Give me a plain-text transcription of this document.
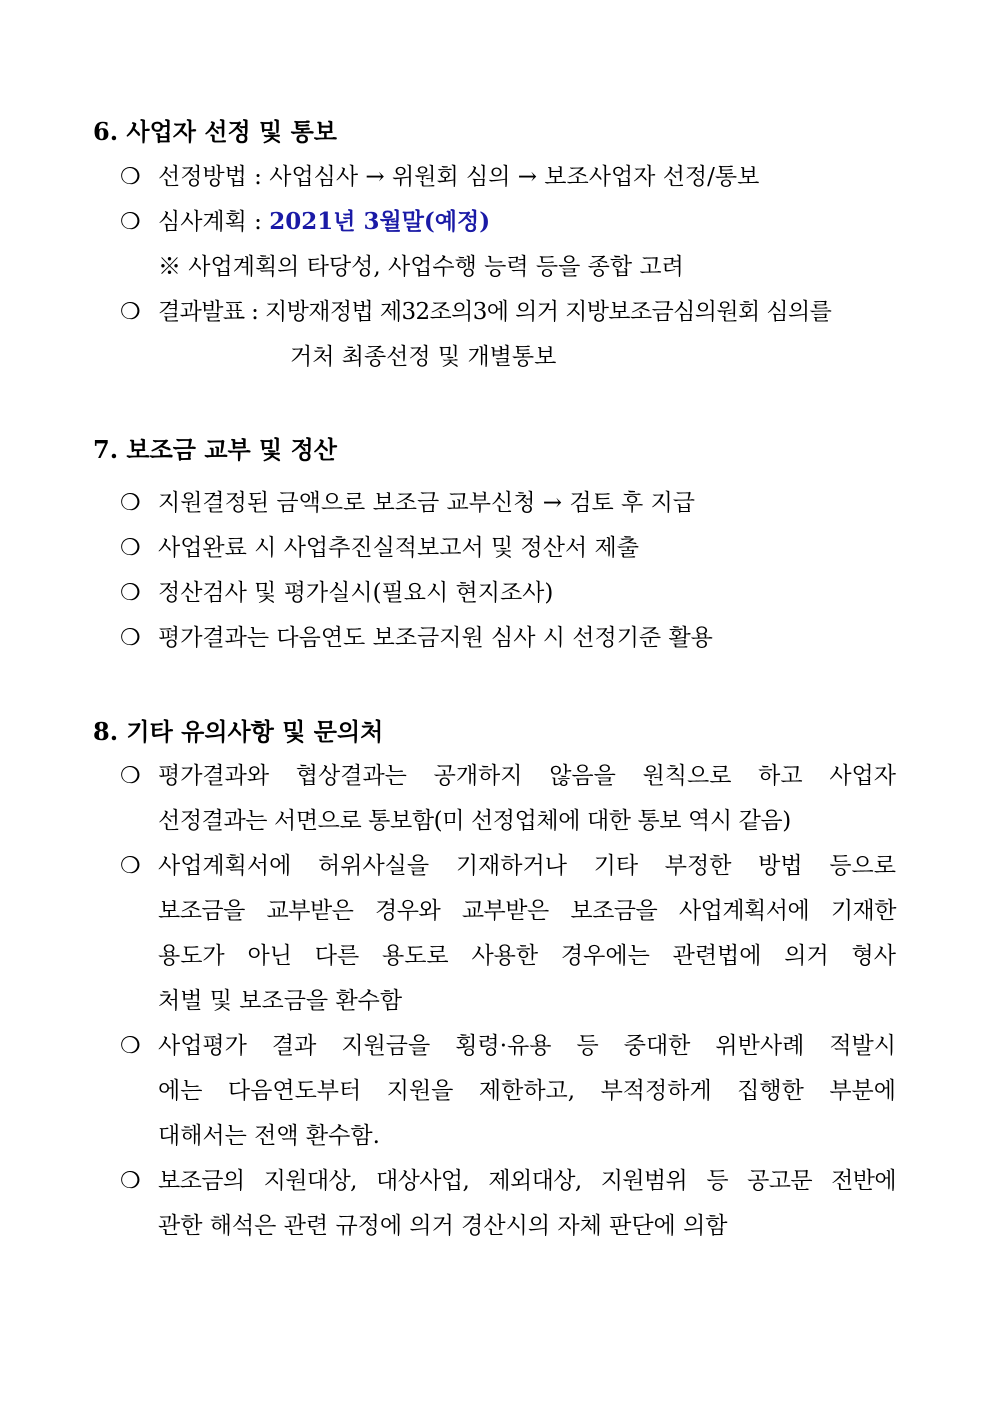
6. 사업자 선정 및 통보
❍ 선정방법 : 사업심사 → 위원회 심의 → 보조사업자 선정/통보
❍ 심사계획 : 2021년 3월말(예정)
※ 사업계획의 타당성, 사업수행 능력 등을 종합 고려
❍ 결과발표 : 지방재정법 제32조의3에 의거 지방보조금심의원회 심의를
거처 최종선정 및 개별통보
7. 보조금 교부 및 정산
❍ 지원결정된 금액으로 보조금 교부신청 → 검토 후 지급
❍ 사업완료 시 사업추진실적보고서 및 정산서 제출
❍ 정산검사 및 평가실시(필요시 현지조사)
❍ 평가결과는 다음연도 보조금지원 심사 시 선정기준 활용
8. 기타 유의사항 및 문의처
❍ 평가결과와 협상결과는 공개하지 않음을 원칙으로 하고 사업자
선정결과는 서면으로 통보함(미 선정업체에 대한 통보 역시 같음)
❍ 사업계획서에 허위사실을 기재하거나 기타 부정한 방법 등으로
보조금을 교부받은 경우와 교부받은 보조금을 사업계획서에 기재한
용도가 아닌 다른 용도로 사용한 경우에는 관련법에 의거 형사
처벌 및 보조금을 환수함
❍ 사업평가 결과 지원금을 횡령·유용 등 중대한 위반사례 적발시
에는 다음연도부터 지원을 제한하고, 부적정하게 집행한 부분에
대해서는 전액 환수함.
❍ 보조금의 지원대상, 대상사업, 제외대상, 지원범위 등 공고문 전반에
관한 해석은 관련 규정에 의거 경산시의 자체 판단에 의함
